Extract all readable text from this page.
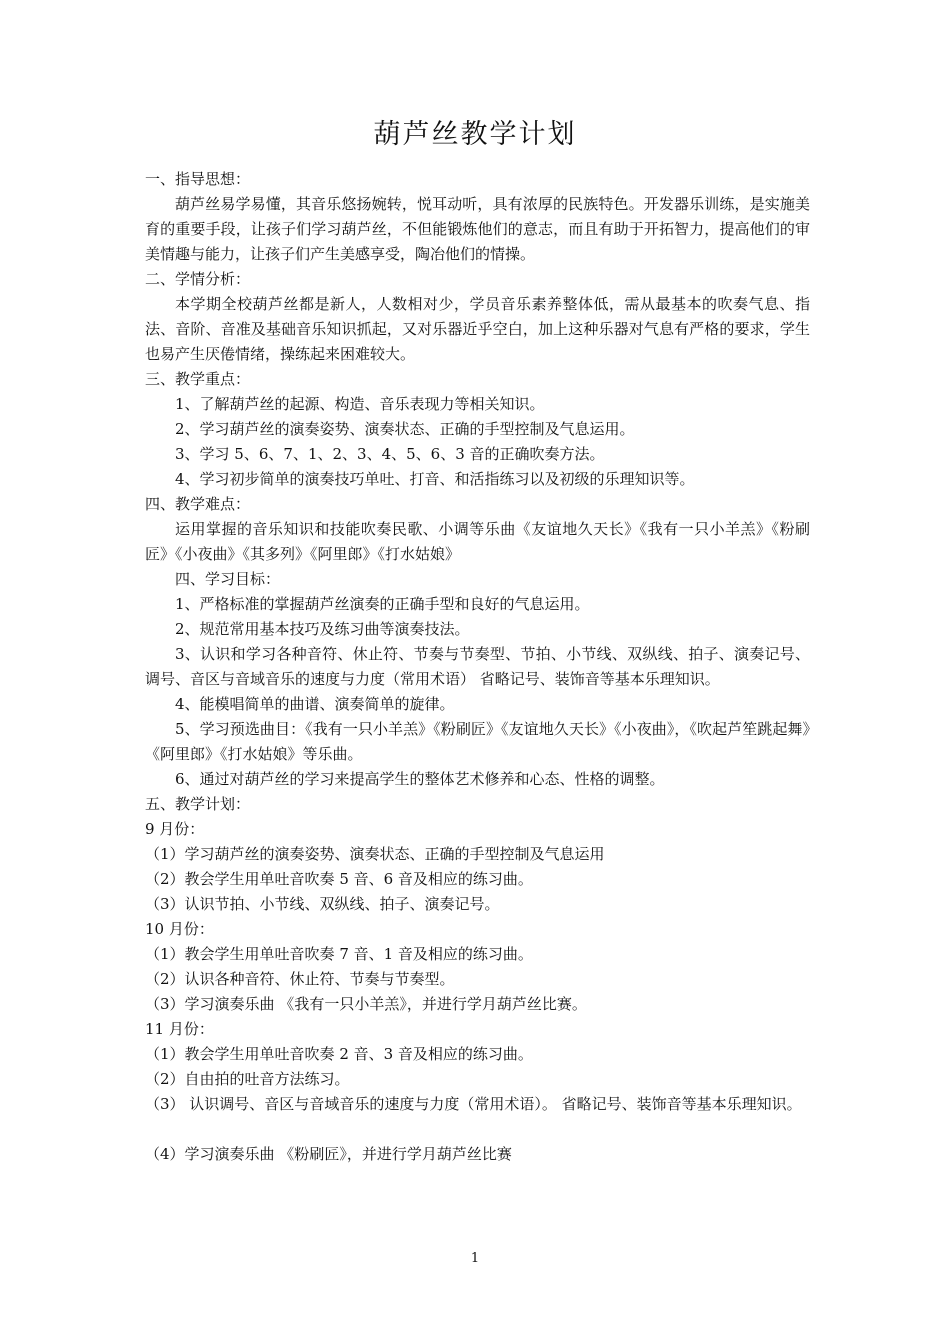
葫芦丝教学计划

一、指导思想：

葫芦丝易学易懂，其音乐悠扬婉转，悦耳动听，具有浓厚的民族特色。开发器乐训练，是实施美育的重要手段，让孩子们学习葫芦丝，不但能锻炼他们的意志，而且有助于开拓智力，提高他们的审美情趣与能力，让孩子们产生美感享受，陶冶他们的情操。

二、学情分析：

本学期全校葫芦丝都是新人，人数相对少，学员音乐素养整体低，需从最基本的吹奏气息、指法、音阶、音准及基础音乐知识抓起，又对乐器近乎空白，加上这种乐器对气息有严格的要求，学生也易产生厌倦情绪，操练起来困难较大。

三、教学重点：

1、了解葫芦丝的起源、构造、音乐表现力等相关知识。

2、学习葫芦丝的演奏姿势、演奏状态、正确的手型控制及气息运用。

3、学习 5、6、7、1、2、3、4、5、6、3 音的正确吹奏方法。

4、学习初步简单的演奏技巧单吐、打音、和活指练习以及初级的乐理知识等。

四、教学难点：

运用掌握的音乐知识和技能吹奏民歌、小调等乐曲《友谊地久天长》《我有一只小羊羔》《粉刷匠》《小夜曲》《其多列》《阿里郎》《打水姑娘》

四、学习目标：

1、严格标准的掌握葫芦丝演奏的正确手型和良好的气息运用。

2、规范常用基本技巧及练习曲等演奏技法。

3、认识和学习各种音符、休止符、节奏与节奏型、节拍、小节线、双纵线、拍子、演奏记号、调号、音区与音域音乐的速度与力度（常用术语） 省略记号、装饰音等基本乐理知识。

4、能模唱简单的曲谱、演奏简单的旋律。

5、学习预选曲目：《我有一只小羊羔》《粉刷匠》《友谊地久天长》《小夜曲》，《吹起芦笙跳起舞》《阿里郎》《打水姑娘》等乐曲。

6、通过对葫芦丝的学习来提高学生的整体艺术修养和心态、性格的调整。

五、教学计划：

9 月份：

（1）学习葫芦丝的演奏姿势、演奏状态、正确的手型控制及气息运用

（2）教会学生用单吐音吹奏 5 音、6 音及相应的练习曲。

（3）认识节拍、小节线、双纵线、拍子、演奏记号。

10 月份：

（1）教会学生用单吐音吹奏 7 音、1 音及相应的练习曲。

（2）认识各种音符、休止符、节奏与节奏型。

（3）学习演奏乐曲 《我有一只小羊羔》，并进行学月葫芦丝比赛。

11 月份：

（1）教会学生用单吐音吹奏 2 音、3 音及相应的练习曲。

（2）自由拍的吐音方法练习。

（3） 认识调号、音区与音域音乐的速度与力度（常用术语）。 省略记号、装饰音等基本乐理知识。

（4）学习演奏乐曲 《粉刷匠》，并进行学月葫芦丝比赛

1
